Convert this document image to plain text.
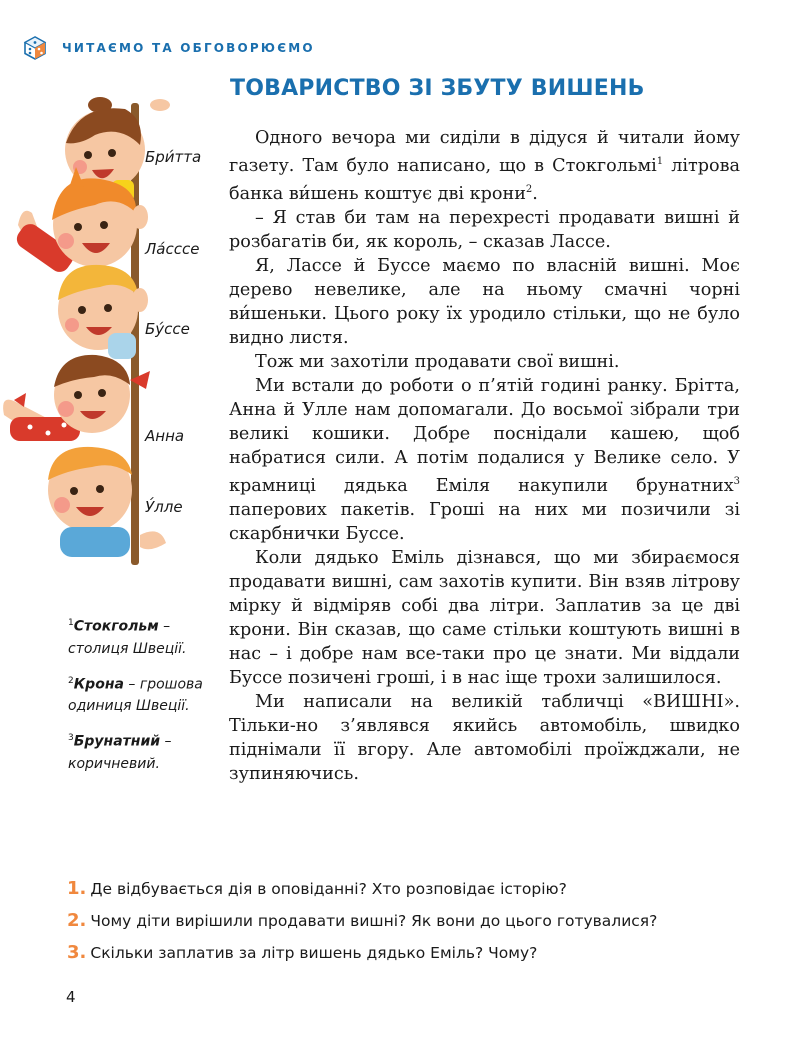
ЧИТАЄМО ТА ОБГОВОРЮЄМО
ТОВАРИСТВО ЗІ ЗБУТУ ВИШЕНЬ

Одного вечора ми сиділи в дідуся й читали йому газету. Там було написано, що в Стокгольмі$^1$ літрова банка ви́шень коштує дві крони$^2$.

– Я став би там на перехресті продавати вишні й розбагатів би, як король, – сказав Лассе.

Я, Лассе й Буссе маємо по власній вишні. Моє дерево невелике, але на ньому смачні чорні ви́шеньки. Цього року їх уродило стільки, що не було видно листя.

Тож ми захотіли продавати свої вишні.

Ми встали до роботи о п’ятій годині ранку. Брітта, Анна й Улле нам допомагали. До восьмої зібрали три великі кошики. Добре поснідали кашею, щоб набратися сили. А потім подалися у Велике село. У крамниці дядька Еміля накупили брунатних$^3$ паперових пакетів. Гроші на них ми позичили зі скарбнички Буссе.

Коли дядько Еміль дізнався, що ми збираємося продавати вишні, сам захотів купити. Він взяв літрову мірку й відміряв собі два літри. Заплатив за це дві крони. Він сказав, що саме стільки коштують вишні в нас – і добре нам все-таки про це знати. Ми віддали Буссе позичені гроші, і в нас іще трохи залишилося.

Ми написали на великій табличці «ВИШНІ». Тільки-но з’являвся якийсь автомобіль, швидко піднімали її вгору. Але автомобілі проїжджали, не зупиняючись.

Бри́тта
Ла́сссе
Бу́ссе
Анна
У́лле
$^1$Стокгольм – столиця Швеції.
$^2$Крона – грошова одиниця Швеції.
$^3$Брунатний – коричневий.
1. Де відбувається дія в оповіданні? Хто розповідає історію?
2. Чому діти вирішили продавати вишні? Як вони до цього готувалися?
3. Скільки заплатив за літр вишень дядько Еміль? Чому?
4
